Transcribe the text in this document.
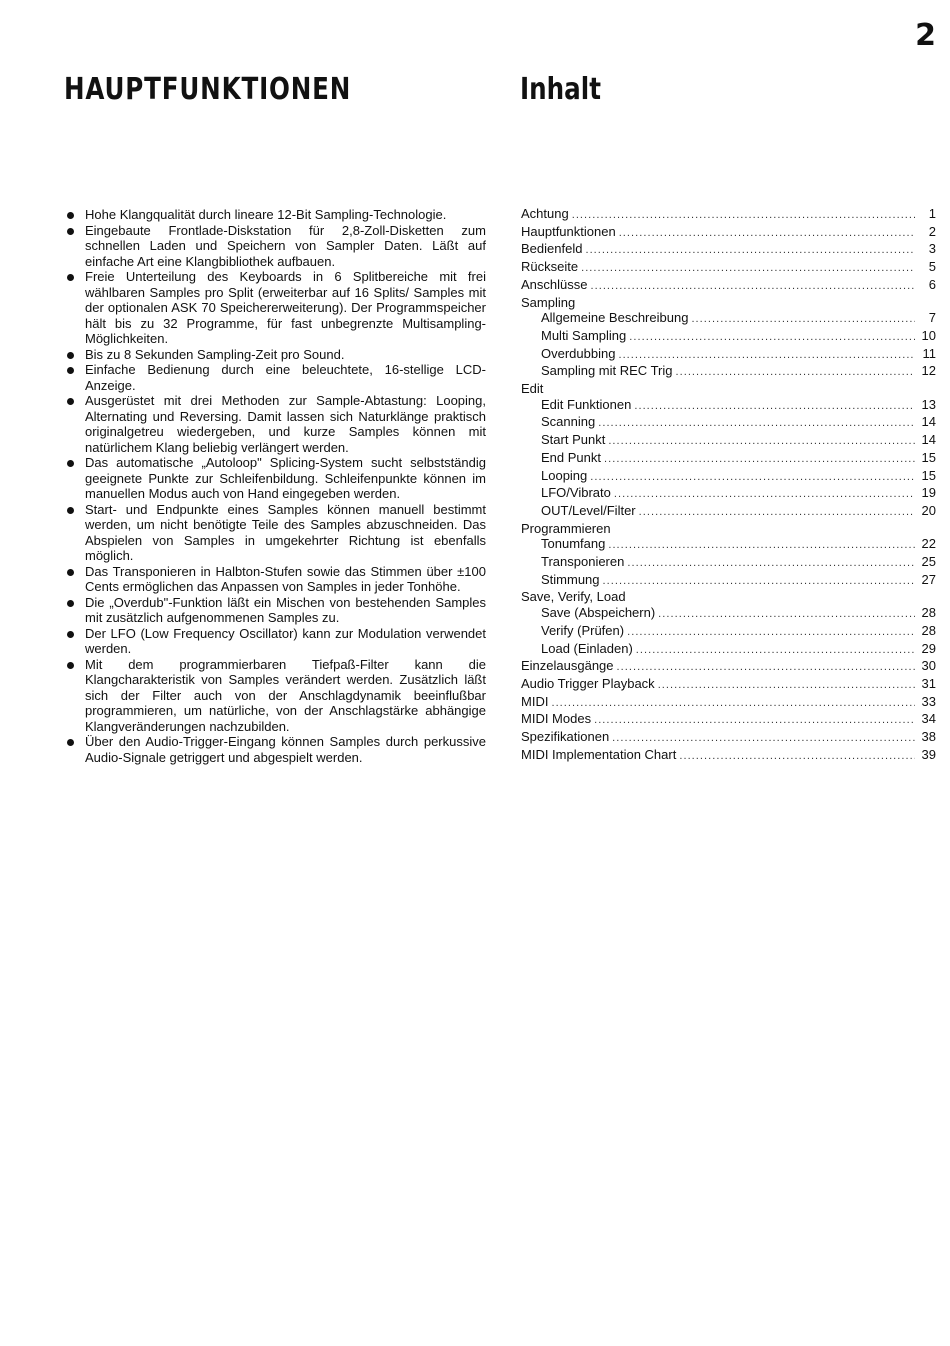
2
HAUPTFUNKTIONEN	Inhalt
Hohe Klangqualität durch lineare 12-Bit Sampling-Technologie.
Eingebaute Frontlade-Diskstation für 2,8-Zoll-Disketten zum schnellen Laden und Speichern von Sampler Daten. Läßt auf einfache Art eine Klangbibliothek aufbauen.
Freie Unterteilung des Keyboards in 6 Splitbereiche mit frei wählbaren Samples pro Split (erweiterbar auf 16 Splits/ Samples mit der optionalen ASK 70 Speichererweiterung). Der Programmspeicher hält bis zu 32 Programme, für fast unbegrenzte Multisampling-Möglichkeiten.
Bis zu 8 Sekunden Sampling-Zeit pro Sound.
Einfache Bedienung durch eine beleuchtete, 16-stellige LCD-Anzeige.
Ausgerüstet mit drei Methoden zur Sample-Abtastung: Looping, Alternating und Reversing. Damit lassen sich Naturklänge praktisch originalgetreu wiedergeben, und kurze Samples können mit natürlichem Klang beliebig verlängert werden.
Das automatische „Autoloop" Splicing-System sucht selbstständig geeignete Punkte zur Schleifenbildung. Schleifenpunkte können im manuellen Modus auch von Hand eingegeben werden.
Start- und Endpunkte eines Samples können manuell bestimmt werden, um nicht benötigte Teile des Samples abzuschneiden. Das Abspielen von Samples in umgekehrter Richtung ist ebenfalls möglich.
Das Transponieren in Halbton-Stufen sowie das Stimmen über ±100 Cents ermöglichen das Anpassen von Samples in jeder Tonhöhe.
Die „Overdub"-Funktion läßt ein Mischen von bestehenden Samples mit zusätzlich aufgenommenen Samples zu.
Der LFO (Low Frequency Oscillator) kann zur Modulation verwendet werden.
Mit dem programmierbaren Tiefpaß-Filter kann die Klangcharakteristik von Samples verändert werden. Zusätzlich läßt sich der Filter auch von der Anschlagdynamik beeinflußbar programmieren, um natürliche, von der Anschlagstärke abhängige Klangveränderungen nachzubilden.
Über den Audio-Trigger-Eingang können Samples durch perkussive Audio-Signale getriggert und abgespielt werden.
Achtung . . .	1
Hauptfunktionen . . .	2
Bedienfeld . . .	3
Rückseite . . .	5
Anschlüsse . . .	6
Sampling
Allgemeine Beschreibung . . .	7
Multi Sampling . . .	10
Overdubbing . . .	11
Sampling mit REC Trig . . .	12
Edit
Edit Funktionen . . .	13
Scanning . . .	14
Start Punkt . . .	14
End Punkt . . .	15
Looping . . .	15
LFO/Vibrato . . .	19
OUT/Level/Filter . . .	20
Programmieren
Tonumfang . . .	22
Transponieren . . .	25
Stimmung . . .	27
Save, Verify, Load
Save (Abspeichern) . . .	28
Verify (Prüfen) . . .	28
Load (Einladen) . . .	29
Einzelausgänge . . .	30
Audio Trigger Playback . . .	31
MIDI . . .	33
MIDI Modes . . .	34
Spezifikationen . . .	38
MIDI Implementation Chart . . .	39
